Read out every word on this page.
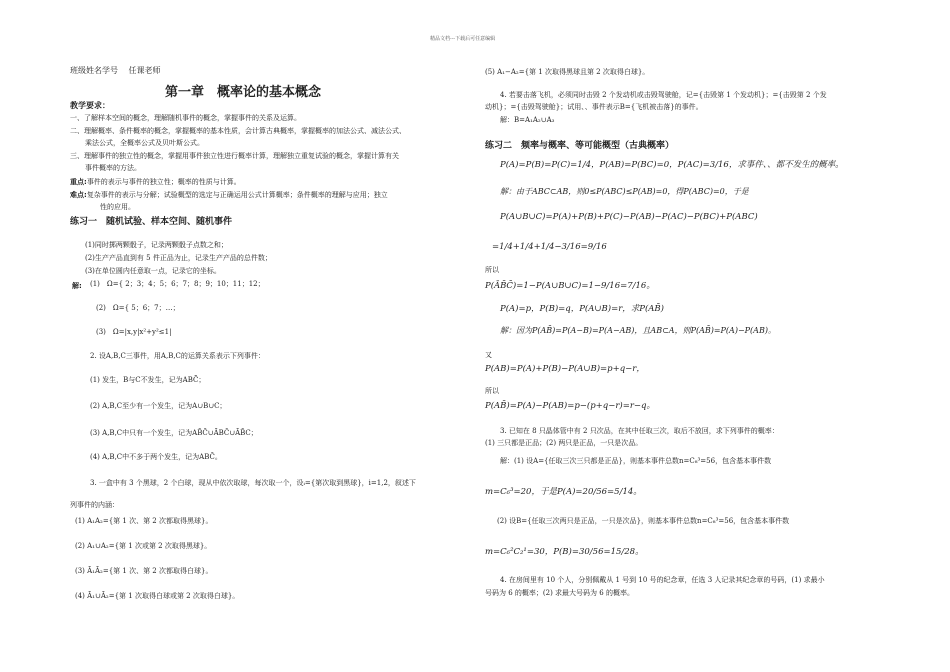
精品文档---下载后可任意编辑
班级姓名学号　 任课老师
第一章　概率论的基本概念
教学要求：
一、了解样本空间的概念，理解随机事件的概念，掌握事件的关系及运算。
二、理解概率、条件概率的概念，掌握概率的基本性质，会计算古典概率，掌握概率的加法公式、减法公式、
乘法公式，全概率公式及贝叶斯公式。
三、理解事件的独立性的概念，掌握用事件独立性进行概率计算，理解独立重复试验的概念，掌握计算有关
事件概率的方法。
重点:事件的表示与事件的独立性；概率的性质与计算。
难点:复杂事件的表示与分解；试验概型的选定与正确运用公式计算概率；条件概率的理解与应用；独立
性的应用。
练习一　随机试验、样本空间、随机事件
(1)同时掷两颗骰子，记录两颗骰子点数之和；
(2)生产产品直到有 5 件正品为止，记录生产产品的总件数；
(3)在单位圆内任意取一点，记录它的坐标。
解: (1)　Ω={ 2；3；4；5；6；7；8；9；10；11；12；
(2)　Ω={ 5；6；7；…；
(3)　Ω=|x,y|x²+y²≤1|
2. 设A,B,C三事件，用A,B,C的运算关系表示下列事件：
(1) 发生，B与C不发生，记为ABC̄̄；
(2) A,B,C至少有一个发生，记为A∪B∪C；
(3) A,B,C中只有一个发生，记为AB̄C̄∪ĀBC̄∪ĀB̄C；
(4) A,B,C中不多于两个发生，记为ABC̄。
3. 一盒中有 3 个黑球，2 个白球，现从中依次取球，每次取一个，设ᵢ={第次取到黑球}，i=1,2，叙述下
列事件的内涵：
(1) A₁A₂={第 1 次、第 2 次都取得黑球}。
(2) A₁∪A₂={第 1 次或第 2 次取得黑球}。
(3) Ā₁Ā₂={第 1 次、第 2 次都取得白球}。
(4) Ā₁∪Ā₂={第 1 次取得白球或第 2 次取得白球}。
(5) A₁−A₂={第 1 次取得黑球且第 2 次取得白球}。
4. 若要击落飞机，必须同时击毁 2 个发动机或击毁驾驶舱，记={击毁第 1 个发动机}；={击毁第 2 个发
动机}；={击毁驾驶舱}；试用、、事件表示B={飞机被击落}的事件。
解：B=A₁A₂∪A₃
练习二　频率与概率、等可能概型（古典概率）
P(A)=P(B)=P(C)=1/4，P(AB)=P(BC)=0，P(AC)=3/16，求事件、、都不发生的概率。
解：由于ABC⊂AB，则0≤P(ABC)≤P(AB)=0，得P(ABC)=0，于是
P(A∪B∪C)=P(A)+P(B)+P(C)−P(AB)−P(AC)−P(BC)+P(ABC)
=1/4+1/4+1/4−3/16=9/16
所以
P(ĀB̄C̄)=1−P(A∪B∪C)=1−9/16=7/16。
P(A)=p，P(B)=q，P(A∪B)=r，求P(AB̄)
解：因为P(AB̄)=P(A−B)=P(A−AB)，且AB⊂A，则P(AB̄)=P(A)−P(AB)。
又
P(AB)=P(A)+P(B)−P(A∪B)=p+q−r，
所以
P(AB̄)=P(A)−P(AB)=p−(p+q−r)=r−q。
3. 已知在 8 只晶体管中有 2 只次品，在其中任取三次，取后不放回，求下列事件的概率：
(1) 三只都是正品；(2) 两只是正品，一只是次品。
解：(1) 设A={任取三次三只都是正品}，则基本事件总数n=C₈³=56，包含基本事件数
m=C₆³=20，于是P(A)=20/56=5/14。
(2) 设B={任取三次两只是正品，一只是次品}，则基本事件总数n=C₈³=56，包含基本事件数
m=C₆²C₂¹=30，P(B)=30/56=15/28。
4. 在房间里有 10 个人，分别佩戴从 1 号到 10 号的纪念章，任选 3 人记录其纪念章的号码，(1) 求最小
号码为 6 的概率；(2) 求最大号码为 6 的概率。
